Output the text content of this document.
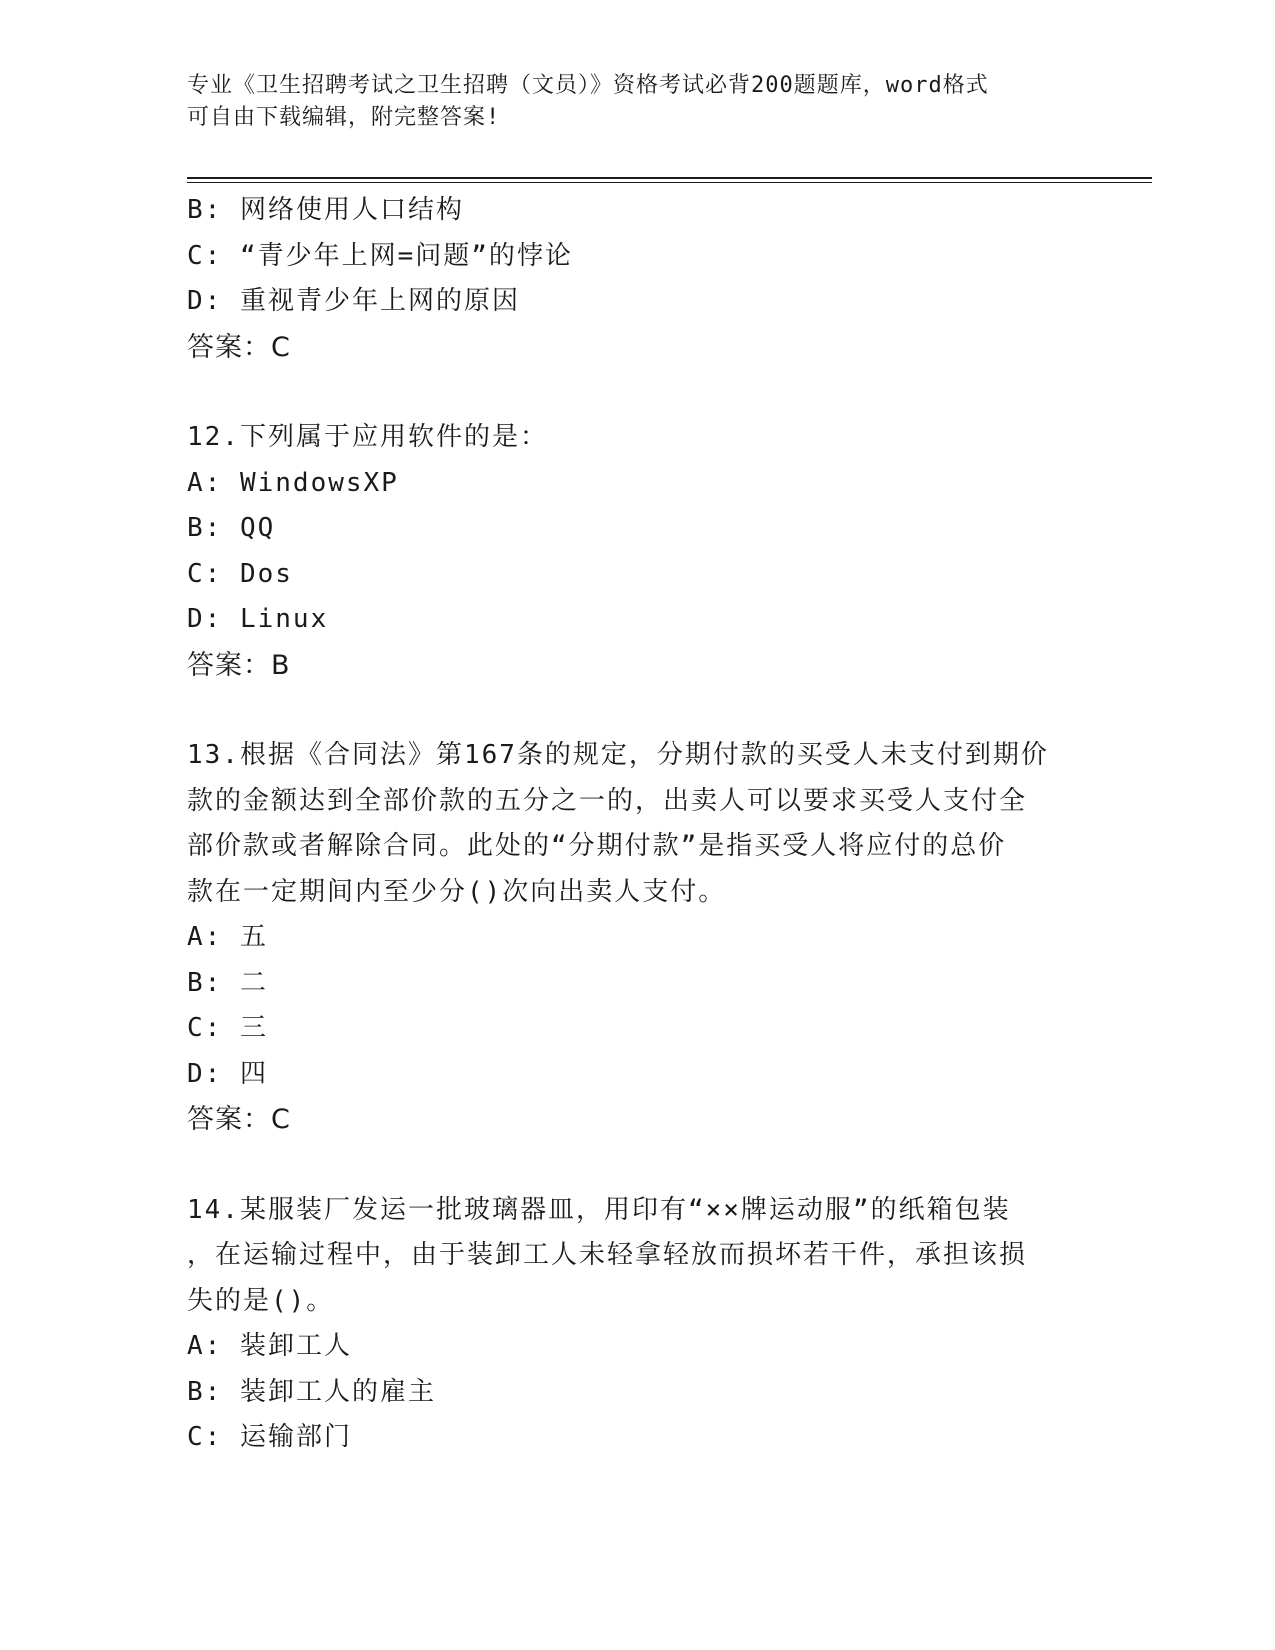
专业《卫生招聘考试之卫生招聘（文员）》资格考试必背200题题库，word格式
可自由下载编辑，附完整答案!
B: 网络使用人口结构
C: “青少年上网=问题”的悖论
D: 重视青少年上网的原因
答案：C
12.下列属于应用软件的是：
A: WindowsXP
B: QQ
C: Dos
D: Linux
答案：B
13.根据《合同法》第167条的规定，分期付款的买受人未支付到期价
款的金额达到全部价款的五分之一的，出卖人可以要求买受人支付全
部价款或者解除合同。此处的“分期付款”是指买受人将应付的总价
款在一定期间内至少分()次向出卖人支付。
A: 五
B: 二
C: 三
D: 四
答案：C
14.某服装厂发运一批玻璃器皿，用印有“××牌运动服”的纸箱包装
，在运输过程中，由于装卸工人未轻拿轻放而损坏若干件，承担该损
失的是()。
A: 装卸工人
B: 装卸工人的雇主
C: 运输部门
